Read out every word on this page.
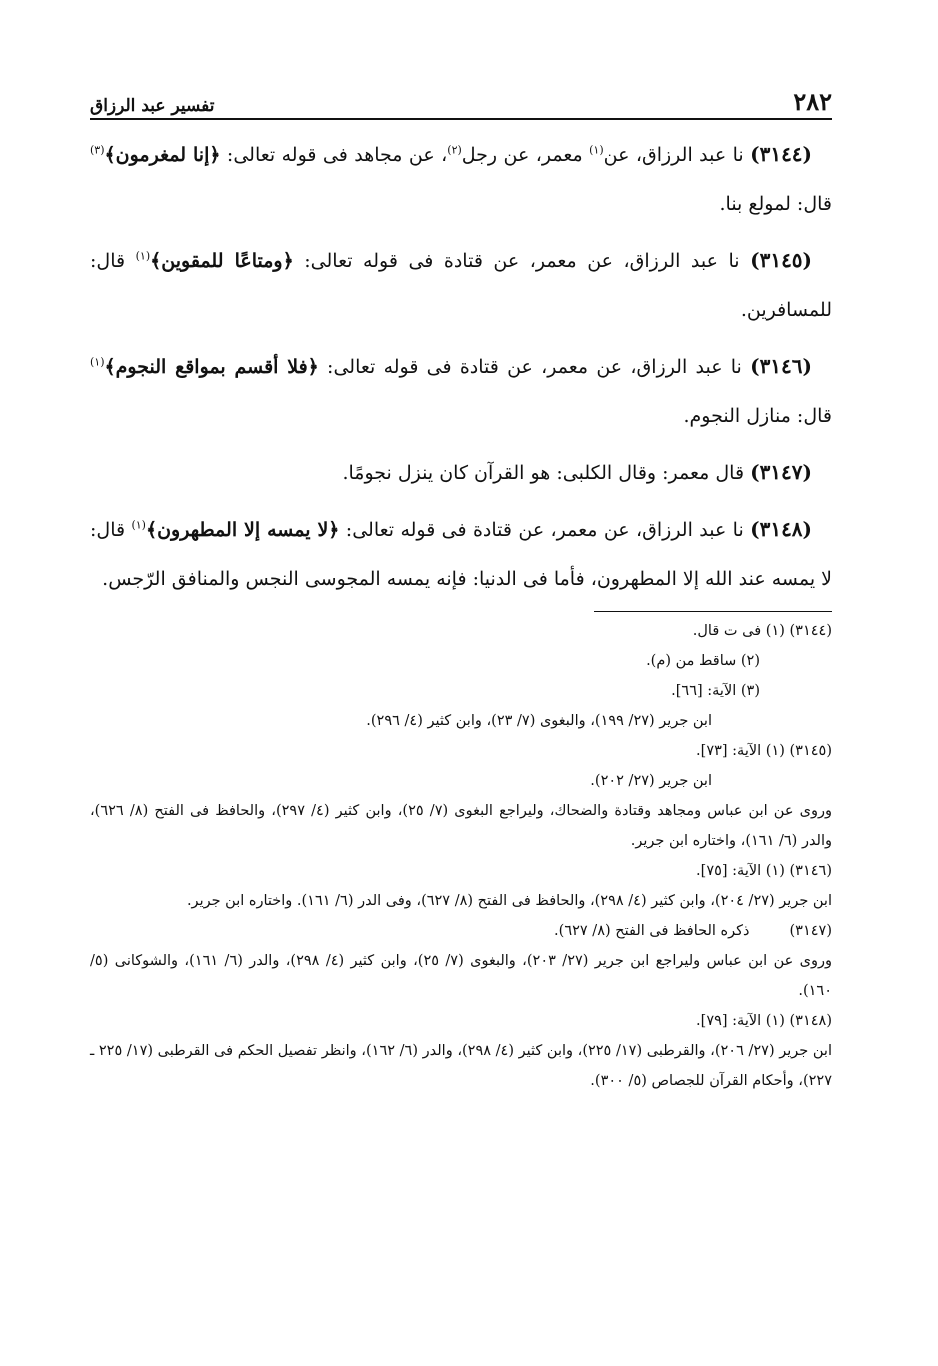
٢٨٢
تفسير عبد الرزاق

(٣١٤٤) نا عبد الرزاق، عن$^{(١)}$ معمر، عن رجل$^{(٢)}$، عن مجاهد فى قوله تعالى: ﴿إنا لمغرمون﴾$^{(٣)}$ قال: لمولع بنا.

(٣١٤٥) نا عبد الرزاق، عن معمر، عن قتادة فى قوله تعالى: ﴿ومتاعًا للمقوين﴾$^{(١)}$ قال: للمسافرين.

(٣١٤٦) نا عبد الرزاق، عن معمر، عن قتادة فى قوله تعالى: ﴿فلا أقسم بمواقع النجوم﴾$^{(١)}$ قال: منازل النجوم.

(٣١٤٧) قال معمر: وقال الكلبى: هو القرآن كان ينزل نجومًا.

(٣١٤٨) نا عبد الرزاق، عن معمر، عن قتادة فى قوله تعالى: ﴿لا يمسه إلا المطهرون﴾$^{(١)}$ قال: لا يمسه عند الله إلا المطهرون، فأما فى الدنيا: فإنه يمسه المجوسى النجس والمنافق الرّجس.

(٣١٤٤) (١) فى ت قال.

(٢) ساقط من (م).

(٣) الآية: [٦٦].

ابن جرير (٢٧/ ١٩٩)، والبغوى (٧/ ٢٣)، وابن كثير (٤/ ٢٩٦).

(٣١٤٥) (١) الآية: [٧٣].

ابن جرير (٢٧/ ٢٠٢).

وروى عن ابن عباس ومجاهد وقتادة والضحاك، وليراجع البغوى (٧/ ٢٥)، وابن كثير (٤/ ٢٩٧)، والحافظ فى الفتح (٨/ ٦٢٦)، والدر (٦/ ١٦١)، واختاره ابن جرير.

(٣١٤٦) (١) الآية: [٧٥].

ابن جرير (٢٧/ ٢٠٤)، وابن كثير (٤/ ٢٩٨)، والحافظ فى الفتح (٨/ ٦٢٧)، وفى الدر (٦/ ١٦١). واختاره ابن جرير.

(٣١٤٧)ذكره الحافظ فى الفتح (٨/ ٦٢٧).

وروى عن ابن عباس وليراجع ابن جرير (٢٧/ ٢٠٣)، والبغوى (٧/ ٢٥)، وابن كثير (٤/ ٢٩٨)، والدر (٦/ ١٦١)، والشوكانى (٥/ ١٦٠).

(٣١٤٨) (١) الآية: [٧٩].

ابن جرير (٢٧/ ٢٠٦)، والقرطبى (١٧/ ٢٢٥)، وابن كثير (٤/ ٢٩٨)، والدر (٦/ ١٦٢)، وانظر تفصيل الحكم فى القرطبى (١٧/ ٢٢٥ ـ ٢٢٧)، وأحكام القرآن للجصاص (٥/ ٣٠٠).
